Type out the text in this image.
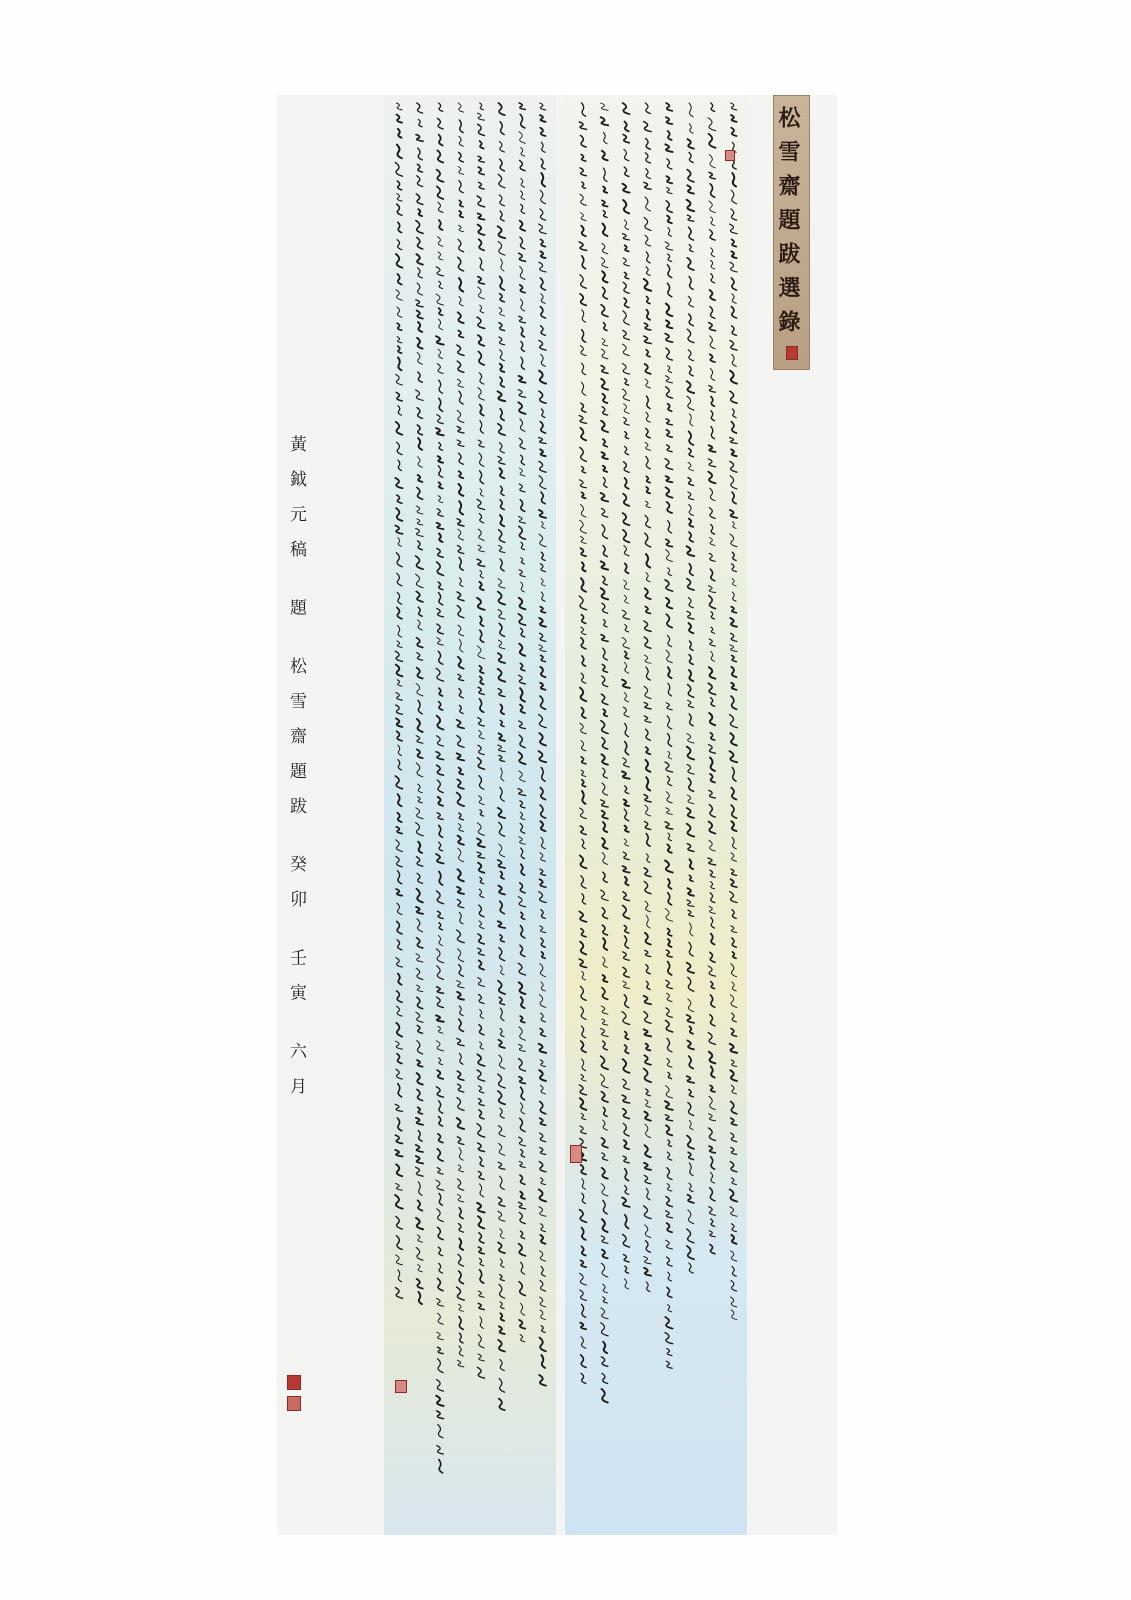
松雪齋題跋選錄
黃鉞元稿 題 松雪齋題跋 癸卯 壬寅 六月
